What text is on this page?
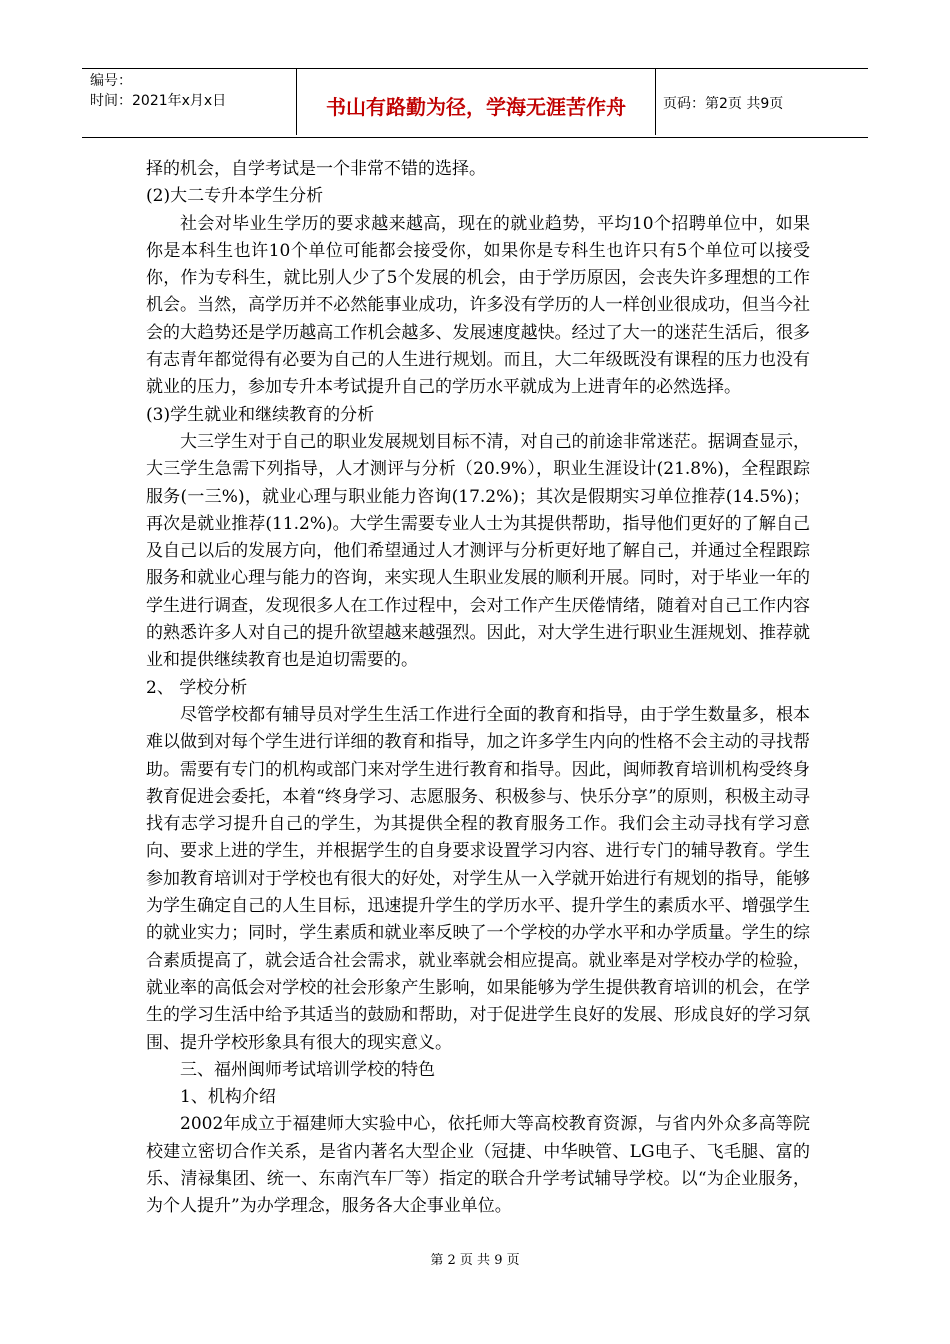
编号：
时间：2021年x月x日	书山有路勤为径，学海无涯苦作舟	页码：第2页 共9页

择的机会，自学考试是一个非常不错的选择。

(2)大二专升本学生分析

社会对毕业生学历的要求越来越高，现在的就业趋势，平均10个招聘单位中，如果你是本科生也许10个单位可能都会接受你，如果你是专科生也许只有5个单位可以接受你，作为专科生，就比别人少了5个发展的机会，由于学历原因，会丧失许多理想的工作机会。当然，高学历并不必然能事业成功，许多没有学历的人一样创业很成功，但当今社会的大趋势还是学历越高工作机会越多、发展速度越快。经过了大一的迷茫生活后，很多有志青年都觉得有必要为自己的人生进行规划。而且，大二年级既没有课程的压力也没有就业的压力，参加专升本考试提升自己的学历水平就成为上进青年的必然选择。

(3)学生就业和继续教育的分析

大三学生对于自己的职业发展规划目标不清，对自己的前途非常迷茫。据调查显示，大三学生急需下列指导，人才测评与分析（20.9%），职业生涯设计(21.8%)，全程跟踪服务(一三%)，就业心理与职业能力咨询(17.2%)；其次是假期实习单位推荐(14.5%)；再次是就业推荐(11.2%)。大学生需要专业人士为其提供帮助，指导他们更好的了解自己及自己以后的发展方向，他们希望通过人才测评与分析更好地了解自己，并通过全程跟踪服务和就业心理与能力的咨询，来实现人生职业发展的顺利开展。同时，对于毕业一年的学生进行调查，发现很多人在工作过程中，会对工作产生厌倦情绪，随着对自己工作内容的熟悉许多人对自己的提升欲望越来越强烈。因此，对大学生进行职业生涯规划、推荐就业和提供继续教育也是迫切需要的。

2、 学校分析

尽管学校都有辅导员对学生生活工作进行全面的教育和指导，由于学生数量多，根本难以做到对每个学生进行详细的教育和指导，加之许多学生内向的性格不会主动的寻找帮助。需要有专门的机构或部门来对学生进行教育和指导。因此，闽师教育培训机构受终身教育促进会委托，本着“终身学习、志愿服务、积极参与、快乐分享”的原则，积极主动寻找有志学习提升自己的学生，为其提供全程的教育服务工作。我们会主动寻找有学习意向、要求上进的学生，并根据学生的自身要求设置学习内容、进行专门的辅导教育。学生参加教育培训对于学校也有很大的好处，对学生从一入学就开始进行有规划的指导，能够为学生确定自己的人生目标，迅速提升学生的学历水平、提升学生的素质水平、增强学生的就业实力；同时，学生素质和就业率反映了一个学校的办学水平和办学质量。学生的综合素质提高了，就会适合社会需求，就业率就会相应提高。就业率是对学校办学的检验，就业率的高低会对学校的社会形象产生影响，如果能够为学生提供教育培训的机会，在学生的学习生活中给予其适当的鼓励和帮助，对于促进学生良好的发展、形成良好的学习氛围、提升学校形象具有很大的现实意义。

三、福州闽师考试培训学校的特色

1、机构介绍

2002年成立于福建师大实验中心，依托师大等高校教育资源，与省内外众多高等院校建立密切合作关系，是省内著名大型企业（冠捷、中华映管、LG电子、飞毛腿、富的乐、清禄集团、统一、东南汽车厂等）指定的联合升学考试辅导学校。以“为企业服务，为个人提升”为办学理念，服务各大企事业单位。

第 2 页 共 9 页
